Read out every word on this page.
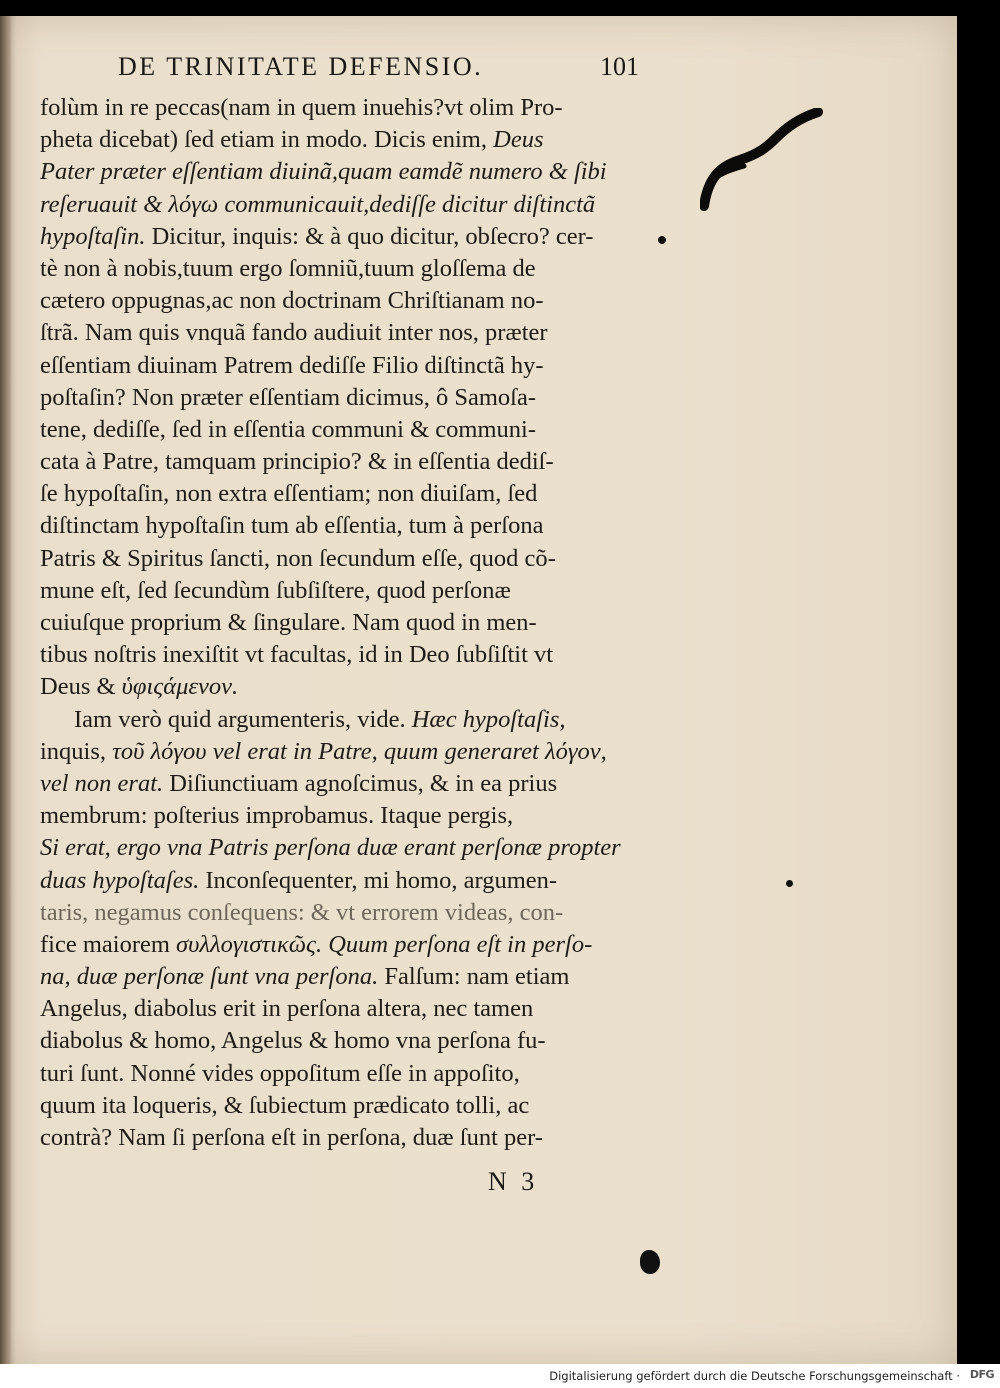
DE TRINITATE DEFENSIO.	101
folùm in re peccas(nam in quem inuehis?vt olim Pro-
pheta dicebat) ſed etiam in modo. Dicis enim, Deus
Pater præter eſſentiam diuinã,quam eamdẽ numero & ſibi
reſeruauit & λόγω communicauit,dediſſe dicitur diſtinctã
hypoſtaſin. Dicitur, inquis: & à quo dicitur, obſecro? cer-
tè non à nobis,tuum ergo ſomniũ,tuum gloſſema de
cætero oppugnas,ac non doctrinam Chriſtianam no-
ſtrã. Nam quis vnquã fando audiuit inter nos, præter
eſſentiam diuinam Patrem dediſſe Filio diſtinctã hy-
poſtaſin? Non præter eſſentiam dicimus, ô Samoſa-
tene, dediſſe, ſed in eſſentia communi & communi-
cata à Patre, tamquam principio? & in eſſentia dediſ-
ſe hypoſtaſin, non extra eſſentiam; non diuiſam, ſed
diſtinctam hypoſtaſin tum ab eſſentia, tum à perſona
Patris & Spiritus ſancti, non ſecundum eſſe, quod cõ-
mune eſt, ſed ſecundùm ſubſiſtere, quod perſonæ
cuiuſque proprium & ſingulare. Nam quod in men-
tibus noſtris inexiſtit vt facultas, id in Deo ſubſiſtit vt
Deus & ὑφιςάμενον.
Iam verò quid argumenteris, vide. Hæc hypoſtaſis,
inquis, τοῦ λόγου vel erat in Patre, quum generaret λόγον,
vel non erat. Diſiunctiuam agnoſcimus, & in ea prius
membrum: poſterius improbamus. Itaque pergis,
Si erat, ergo vna Patris perſona duæ erant perſonæ propter
duas hypoſtaſes. Inconſequenter, mi homo, argumen-
taris, negamus conſequens: & vt errorem videas, con-
fice maiorem συλλογιστικῶς. Quum perſona eſt in perſo-
na, duæ perſonæ ſunt vna perſona. Falſum: nam etiam
Angelus, diabolus erit in perſona altera, nec tamen
diabolus & homo, Angelus & homo vna perſona fu-
turi ſunt. Nonné vides oppoſitum eſſe in appoſito,
quum ita loqueris, & ſubiectum prædicato tolli, ac
contrà? Nam ſi perſona eſt in perſona, duæ ſunt per-
N 3
Digitalisierung gefördert durch die Deutsche Forschungsgemeinschaft · DFG
